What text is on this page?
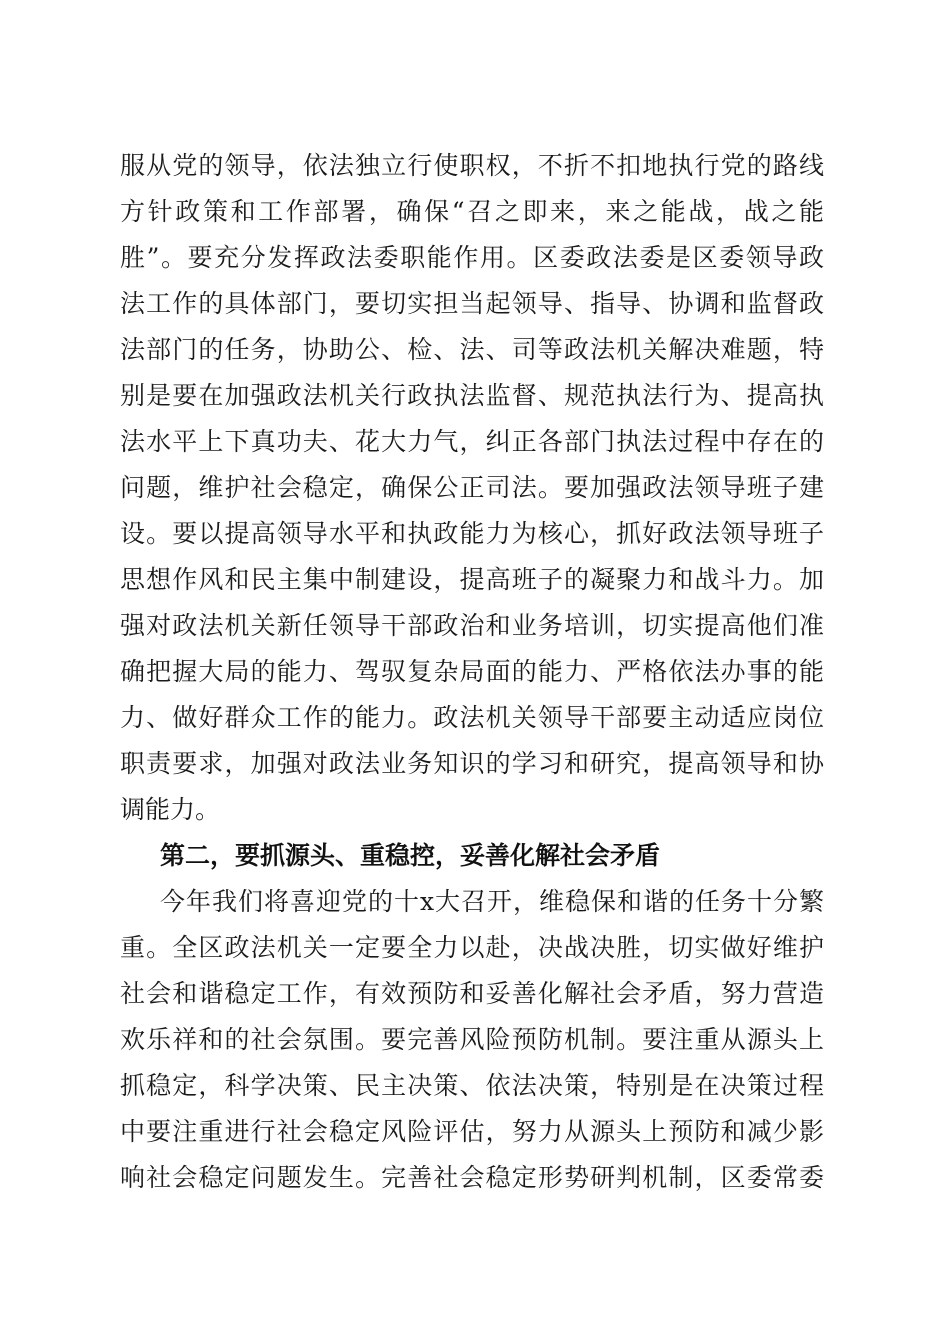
服从党的领导，依法独立行使职权，不折不扣地执行党的路线
方针政策和工作部署，确保“召之即来，来之能战，战之能
胜”。要充分发挥政法委职能作用。区委政法委是区委领导政
法工作的具体部门，要切实担当起领导、指导、协调和监督政
法部门的任务，协助公、检、法、司等政法机关解决难题，特
别是要在加强政法机关行政执法监督、规范执法行为、提高执
法水平上下真功夫、花大力气，纠正各部门执法过程中存在的
问题，维护社会稳定，确保公正司法。要加强政法领导班子建
设。要以提高领导水平和执政能力为核心，抓好政法领导班子
思想作风和民主集中制建设，提高班子的凝聚力和战斗力。加
强对政法机关新任领导干部政治和业务培训，切实提高他们准
确把握大局的能力、驾驭复杂局面的能力、严格依法办事的能
力、做好群众工作的能力。政法机关领导干部要主动适应岗位
职责要求，加强对政法业务知识的学习和研究，提高领导和协
调能力。
第二，要抓源头、重稳控，妥善化解社会矛盾
今年我们将喜迎党的十x大召开，维稳保和谐的任务十分繁
重。全区政法机关一定要全力以赴，决战决胜，切实做好维护
社会和谐稳定工作，有效预防和妥善化解社会矛盾，努力营造
欢乐祥和的社会氛围。要完善风险预防机制。要注重从源头上
抓稳定，科学决策、民主决策、依法决策，特别是在决策过程
中要注重进行社会稳定风险评估，努力从源头上预防和减少影
响社会稳定问题发生。完善社会稳定形势研判机制，区委常委
